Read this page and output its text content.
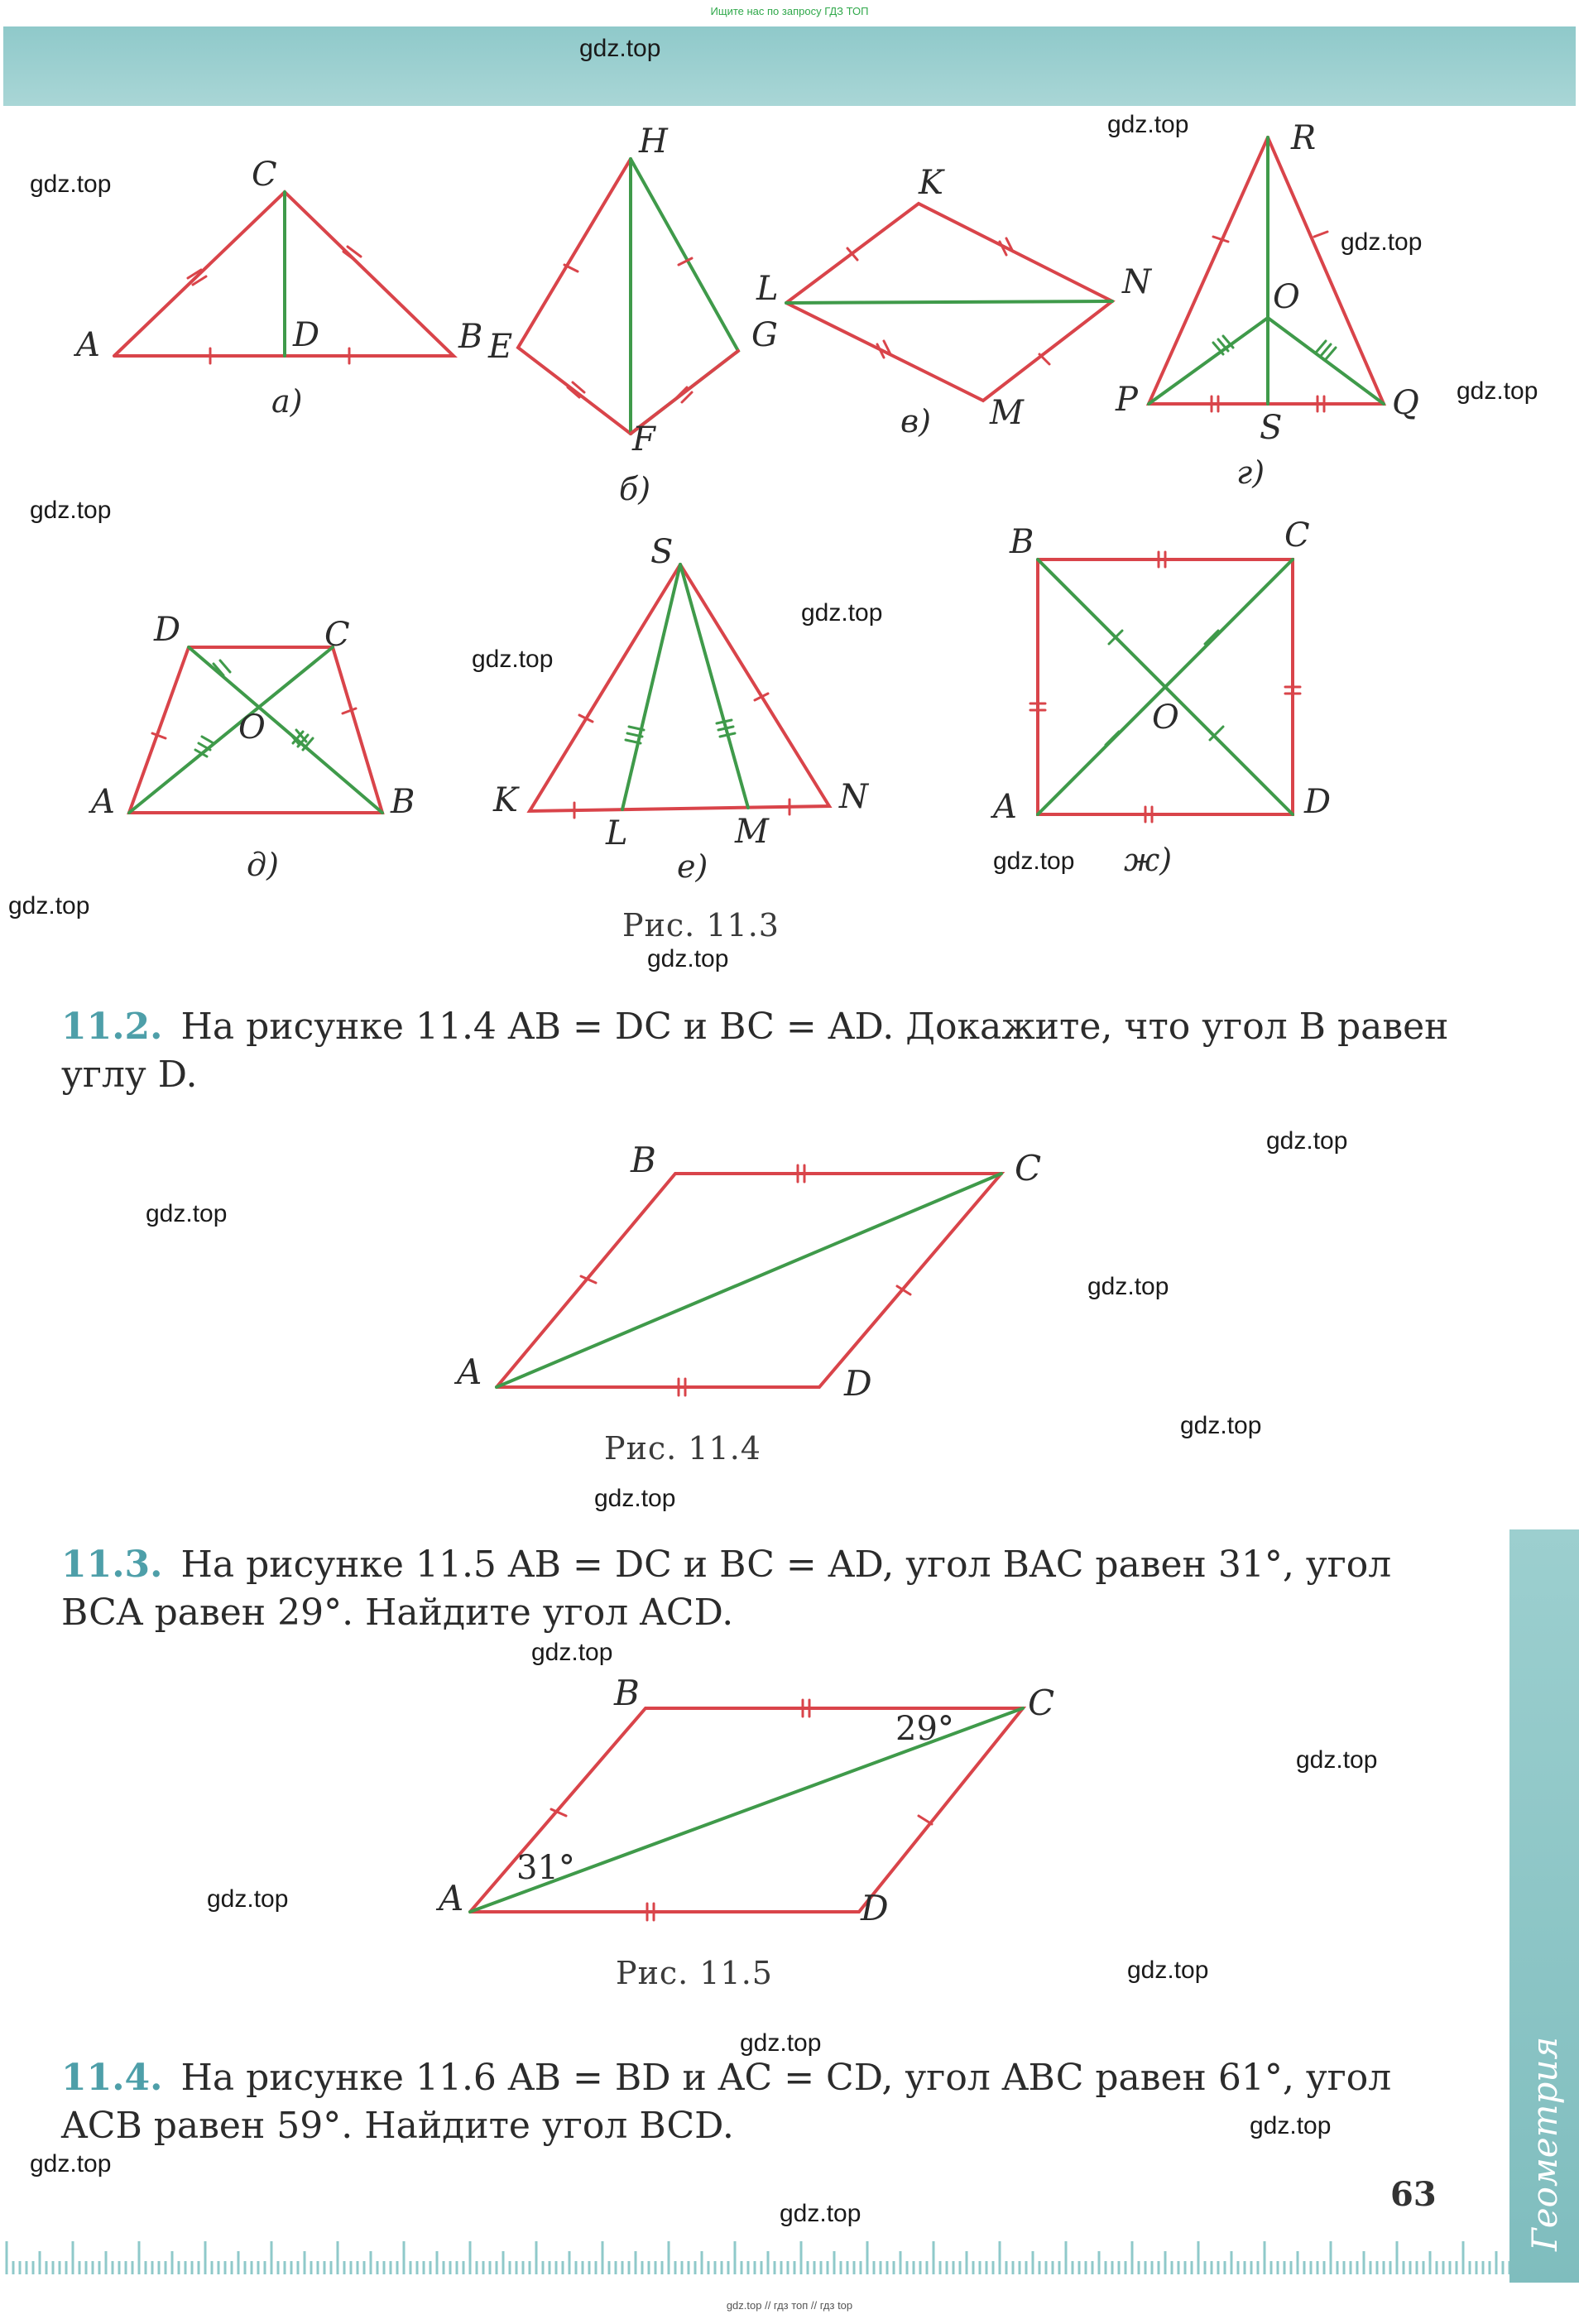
Ищите нас по запросу ГДЗ ТОП
gdz.top
gdz.top
gdz.top
gdz.top
gdz.top
gdz.top
gdz.top
gdz.top
gdz.top
gdz.top
gdz.top
gdz.top
gdz.top
gdz.top
gdz.top
gdz.top
gdz.top
gdz.top
gdz.top
gdz.top
gdz.top
gdz.top
gdz.top
gdz.top
A
C
D	B
а)
H
E
F
G
б)
K
L	N
M
в)
R
O
P
S
Q
г)
D	C
O
A	B
д)
S
K
L	M
N
е)
B	C
O
A	D
ж)
Рис. 11.3
11.2. На рисунке 11.4 AB = DC и BC = AD. Докажите, что угол B равен углу D.
B	C
A	D
Рис. 11.4
11.3. На рисунке 11.5 AB = DC и BC = AD, угол BAC равен 31°, угол BCA равен 29°. Найдите угол ACD.
B	C
A	D
31°
29°
Рис. 11.5
11.4. На рисунке 11.6 AB = BD и AC = CD, угол ABC равен 61°, угол ACB равен 59°. Найдите угол BCD.
63
gdz.top // гдз топ // гдз top
